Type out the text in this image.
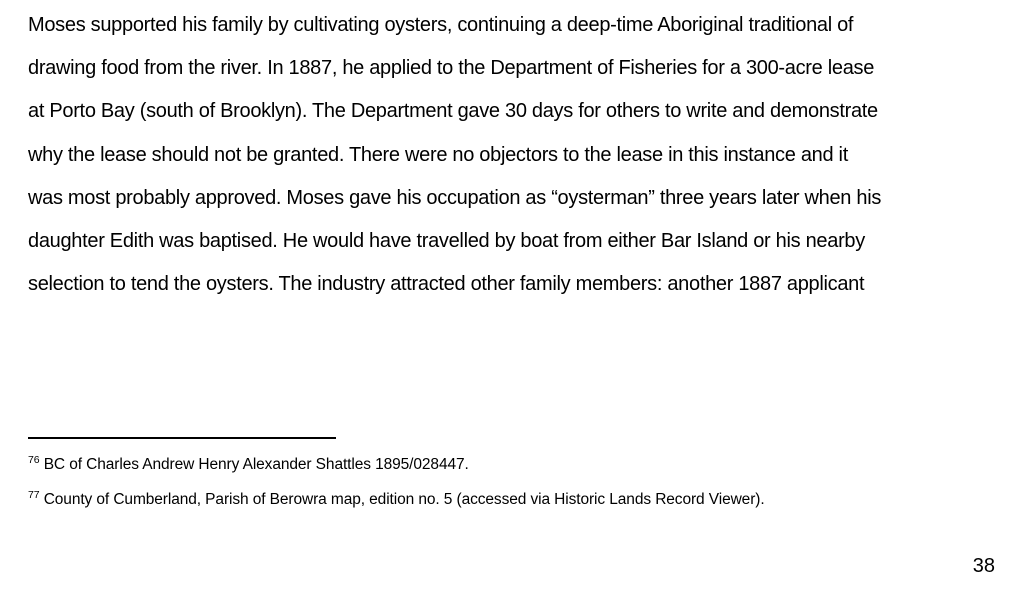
Moses supported his family by cultivating oysters, continuing a deep-time Aboriginal traditional of
drawing food from the river. In 1887, he applied to the Department of Fisheries for a 300-acre lease
at Porto Bay (south of Brooklyn). The Department gave 30 days for others to write and demonstrate
why the lease should not be granted. There were no objectors to the lease in this instance and it
was most probably approved. Moses gave his occupation as “oysterman” three years later when his
daughter Edith was baptised. He would have travelled by boat from either Bar Island or his nearby
selection to tend the oysters. The industry attracted other family members: another 1887 applicant
$^{76}$ BC of Charles Andrew Henry Alexander Shattles 1895/028447.
$^{77}$ County of Cumberland, Parish of Berowra map, edition no. 5 (accessed via Historic Lands Record Viewer).
38
